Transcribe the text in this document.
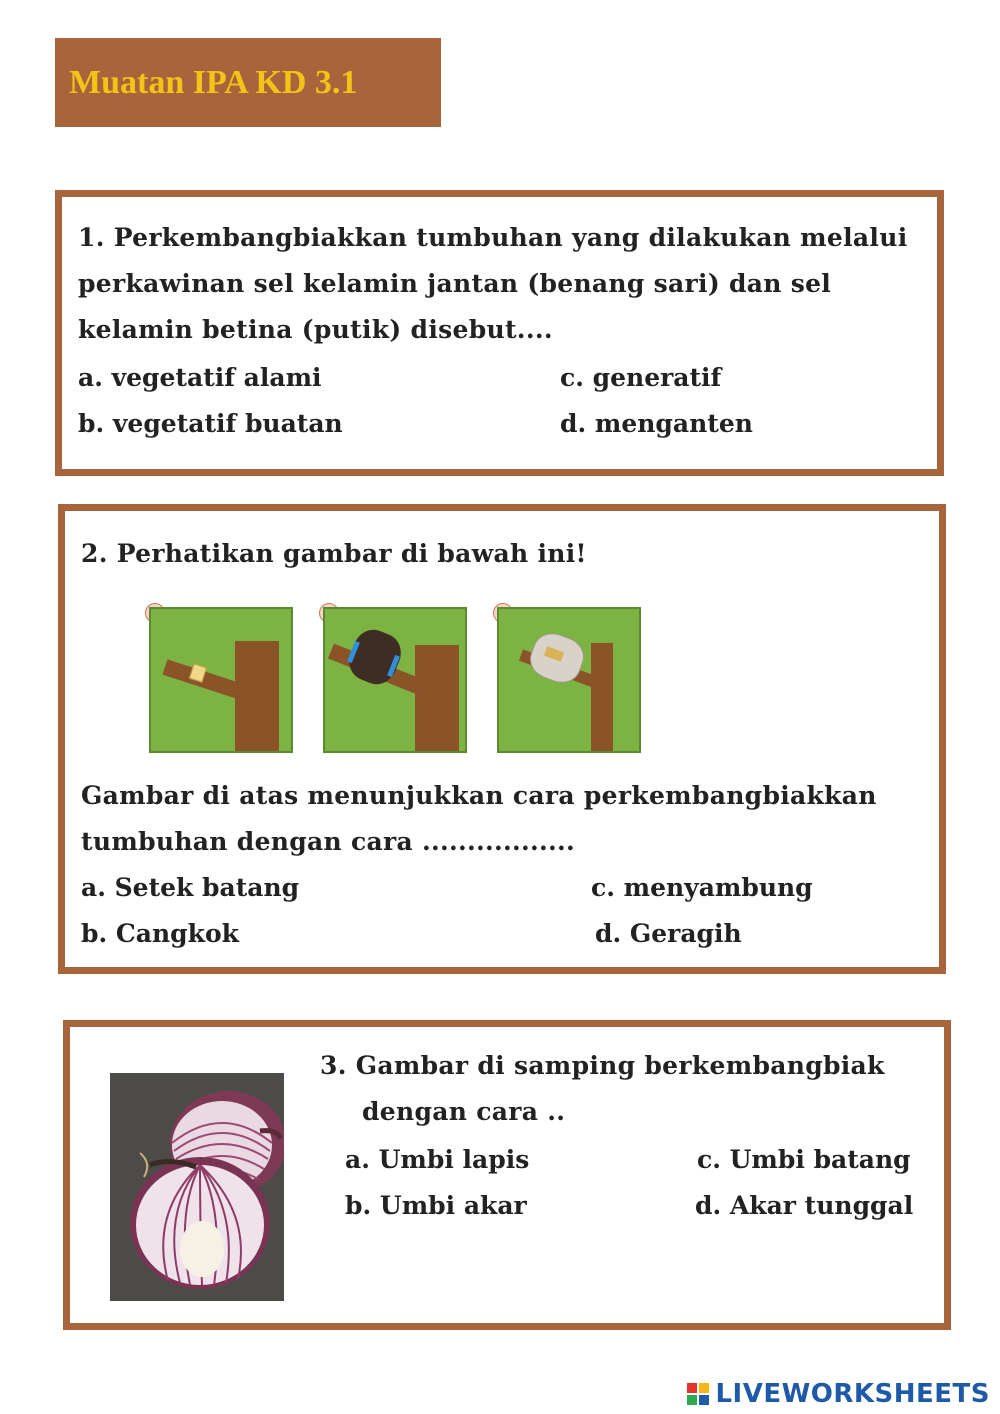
Muatan IPA KD 3.1
1. Perkembangbiakkan tumbuhan yang dilakukan melalui
perkawinan sel kelamin jantan (benang sari) dan sel
kelamin betina (putik) disebut....
a. vegetatif alami	c. generatif
b. vegetatif buatan	d. menganten
2. Perhatikan gambar di bawah ini!
Gambar di atas menunjukkan cara perkembangbiakkan
tumbuhan dengan cara .................
a. Setek batang	c. menyambung
b. Cangkok	d. Geragih
3. Gambar di samping berkembangbiak
dengan cara ..
a. Umbi lapis	c. Umbi batang
b. Umbi akar	d. Akar tunggal
LIVEWORKSHEETS
